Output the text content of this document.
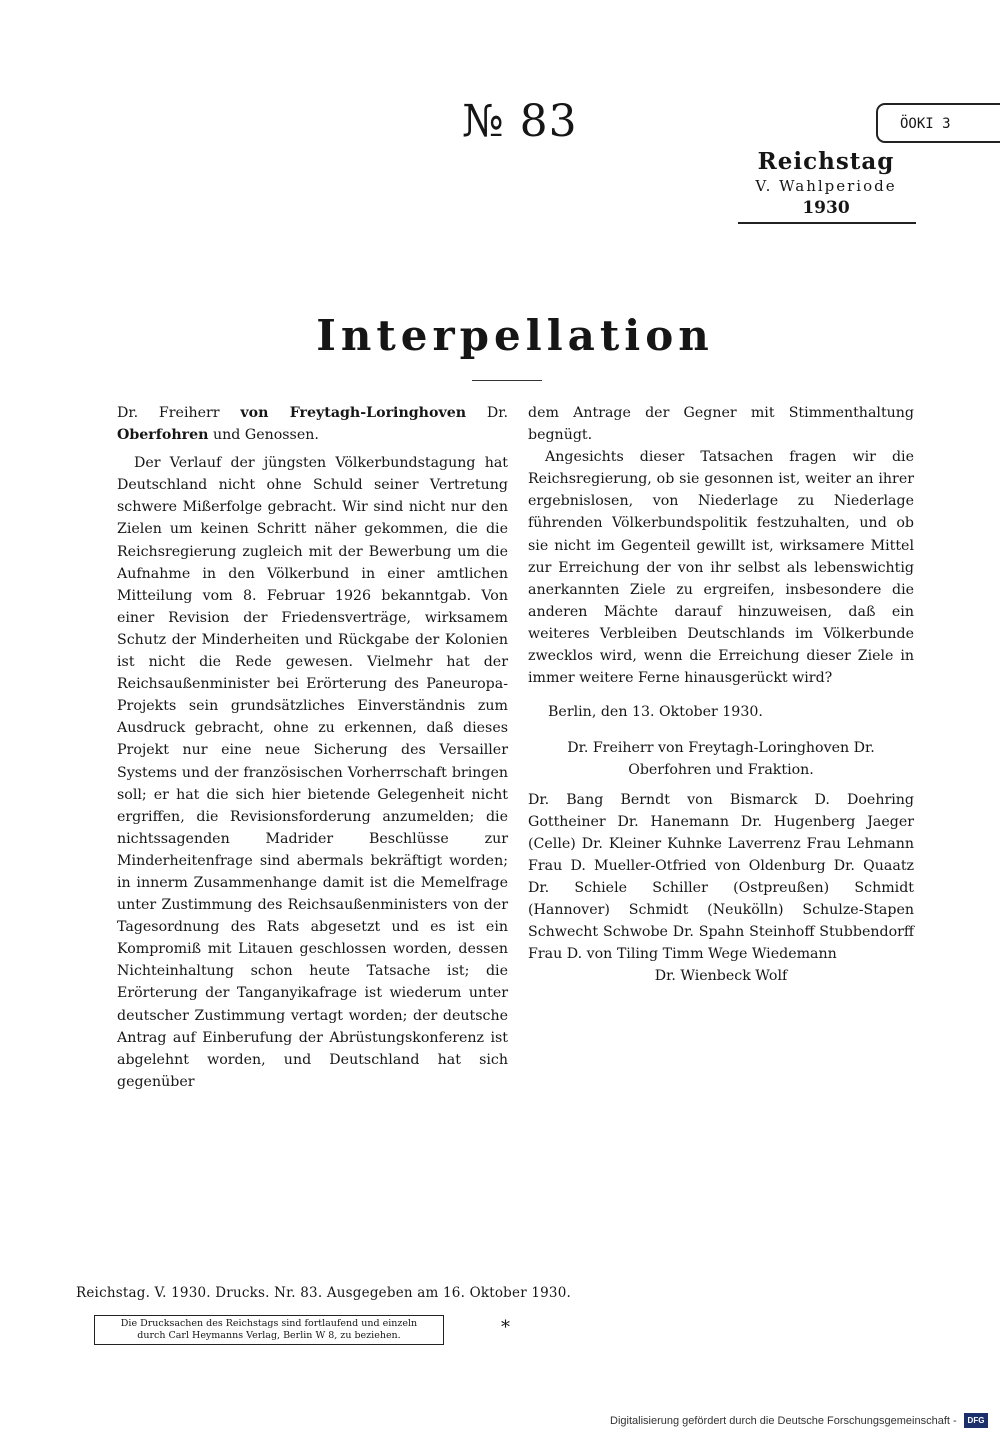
№ 83	ÖOKI 3
Reichstag
V. Wahlperiode
1930
Interpellation

Dr. Freiherr von Freytagh-Loringhoven Dr. Oberfohren und Genossen.

Der Verlauf der jüngsten Völkerbundstagung hat Deutschland nicht ohne Schuld seiner Vertretung schwere Mißerfolge gebracht. Wir sind nicht nur den Zielen um keinen Schritt näher gekommen, die die Reichsregierung zugleich mit der Bewerbung um die Aufnahme in den Völkerbund in einer amtlichen Mitteilung vom 8. Februar 1926 bekanntgab. Von einer Revision der Friedensverträge, wirksamem Schutz der Minderheiten und Rückgabe der Kolonien ist nicht die Rede gewesen. Vielmehr hat der Reichsaußenminister bei Erörterung des Paneuropa-Projekts sein grundsätzliches Einverständnis zum Ausdruck gebracht, ohne zu erkennen, daß dieses Projekt nur eine neue Sicherung des Versailler Systems und der französischen Vorherrschaft bringen soll; er hat die sich hier bietende Gelegenheit nicht ergriffen, die Revisionsforderung anzumelden; die nichtssagenden Madrider Beschlüsse zur Minderheitenfrage sind abermals bekräftigt worden; in innerm Zusammenhange damit ist die Memelfrage unter Zustimmung des Reichsaußenministers von der Tagesordnung des Rats abgesetzt und es ist ein Kompromiß mit Litauen geschlossen worden, dessen Nichteinhaltung schon heute Tatsache ist; die Erörterung der Tanganyikafrage ist wiederum unter deutscher Zustimmung vertagt worden; der deutsche Antrag auf Einberufung der Abrüstungskonferenz ist abgelehnt worden, und Deutschland hat sich gegenüber

dem Antrage der Gegner mit Stimmenthaltung begnügt.

Angesichts dieser Tatsachen fragen wir die Reichsregierung, ob sie gesonnen ist, weiter an ihrer ergebnislosen, von Niederlage zu Niederlage führenden Völkerbundspolitik festzuhalten, und ob sie nicht im Gegenteil gewillt ist, wirksamere Mittel zur Erreichung der von ihr selbst als lebenswichtig anerkannten Ziele zu ergreifen, insbesondere die anderen Mächte darauf hinzuweisen, daß ein weiteres Verbleiben Deutschlands im Völkerbunde zwecklos wird, wenn die Erreichung dieser Ziele in immer weitere Ferne hinausgerückt wird?

Berlin, den 13. Oktober 1930.

Dr. Freiherr von Freytagh-Loringhoven Dr. Oberfohren und Fraktion.

Dr. Bang Berndt von Bismarck D. Doehring Gottheiner Dr. Hanemann Dr. Hugenberg Jaeger (Celle) Dr. Kleiner Kuhnke Laverrenz Frau Lehmann Frau D. Mueller-Otfried von Oldenburg Dr. Quaatz Dr. Schiele Schiller (Ostpreußen) Schmidt (Hannover) Schmidt (Neukölln) Schulze-Stapen Schwecht Schwobe Dr. Spahn Steinhoff Stubbendorff Frau D. von Tiling Timm Wege Wiedemann

Dr. Wienbeck Wolf

Reichstag. V. 1930. Drucks. Nr. 83. Ausgegeben am 16. Oktober 1930.
Die Drucksachen des Reichstags sind fortlaufend und einzeln
durch Carl Heymanns Verlag, Berlin W 8, zu beziehen.	*
Digitalisierung gefördert durch die Deutsche Forschungsgemeinschaft -	DFG
